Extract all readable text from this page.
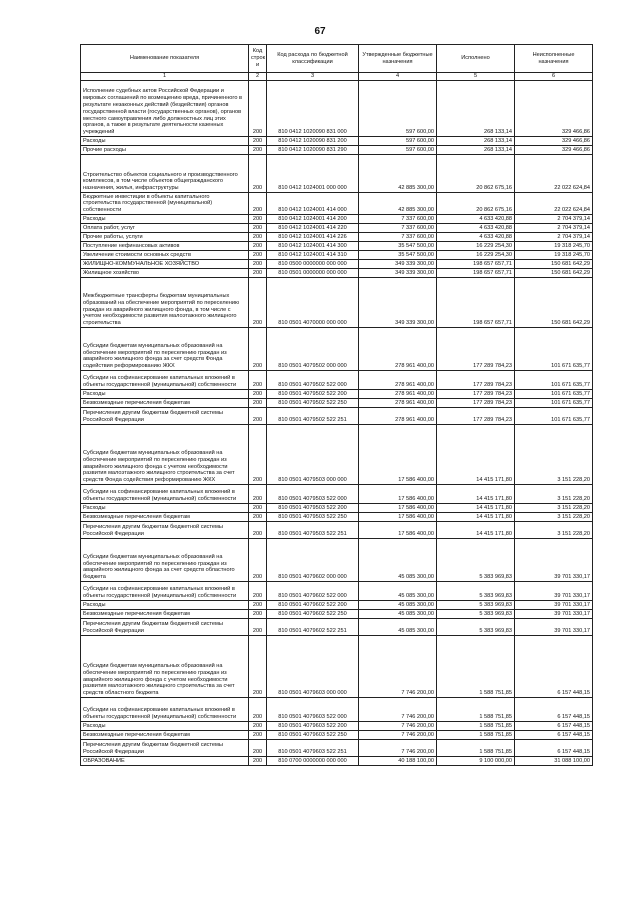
67
Наименование показателя	Код строк и	Код расхода по бюджетной классификации	Утвержденные бюджетные назначения	Исполнено	Неисполненные назначения
1	2	3	4	5	6
Исполнение судебных актов Российской Федерации и мировых соглашений по возмещению вреда, причиненного в результате незаконных действий (бездействия) органов государственной власти (государственных органов), органов местного самоуправления либо должностных лиц этих органов, а также в результате деятельности казенных учреждений	200	810 0412 1020090 831 000	597 600,00	268 133,14	329 466,86
Расходы	200	810 0412 1020090 831 200	597 600,00	268 133,14	329 466,86
Прочие расходы	200	810 0412 1020090 831 290	597 600,00	268 133,14	329 466,86
Строительство объектов социального и производственного комплексов, в том числе объектов общегражданского назначения, жилья, инфраструктуры	200	810 0412 1024001 000 000	42 885 300,00	20 862 675,16	22 022 624,84
Бюджетные инвестиции в объекты капитального строительства государственной (муниципальной) собственности	200	810 0412 1024001 414 000	42 885 300,00	20 862 675,16	22 022 624,84
Расходы	200	810 0412 1024001 414 200	7 337 600,00	4 633 420,88	2 704 379,14
Оплата работ, услуг	200	810 0412 1024001 414 220	7 337 600,00	4 633 420,88	2 704 379,14
Прочие работы, услуги	200	810 0412 1024001 414 226	7 337 600,00	4 633 420,88	2 704 379,14
Поступление нефинансовых активов	200	810 0412 1024001 414 300	35 547 500,00	16 229 254,30	19 318 245,70
Увеличение стоимости основных средств	200	810 0412 1024001 414 310	35 547 500,00	16 229 254,30	19 318 245,70
ЖИЛИЩНО-КОММУНАЛЬНОЕ ХОЗЯЙСТВО	200	810 0500 0000000 000 000	349 339 300,00	198 657 657,71	150 681 642,29
Жилищное хозяйство	200	810 0501 0000000 000 000	349 339 300,00	198 657 657,71	150 681 642,29
Межбюджетные трансферты бюджетам муниципальных образований на обеспечение мероприятий по переселению граждан из аварийного жилищного фонда, в том числе с учетом необходимости развития малоэтажного жилищного строительства	200	810 0501 4070000 000 000	349 339 300,00	198 657 657,71	150 681 642,29
Субсидии бюджетам муниципальных образований на обеспечение мероприятий по переселению граждан из аварийного жилищного фонда за счет средств Фонда содействия реформированию ЖКХ	200	810 0501 4079502 000 000	278 961 400,00	177 289 784,23	101 671 635,77
Субсидии на софинансирование капитальных вложений в объекты государственной (муниципальной) собственности	200	810 0501 4079502 522 000	278 961 400,00	177 289 784,23	101 671 635,77
Расходы	200	810 0501 4079502 522 200	278 961 400,00	177 289 784,23	101 671 635,77
Безвозмездные перечисления бюджетам	200	810 0501 4079502 522 250	278 961 400,00	177 289 784,23	101 671 635,77
Перечисления другим бюджетам бюджетной системы Российской Федерации	200	810 0501 4079502 522 251	278 961 400,00	177 289 784,23	101 671 635,77
Субсидии бюджетам муниципальных образований на обеспечение мероприятий по переселению граждан из аварийного жилищного фонда с учетом необходимости развития малоэтажного жилищного строительства за счет средств Фонда содействия реформированию ЖКХ	200	810 0501 4079503 000 000	17 586 400,00	14 415 171,80	3 151 228,20
Субсидии на софинансирование капитальных вложений в объекты государственной (муниципальной) собственности	200	810 0501 4079503 522 000	17 586 400,00	14 415 171,80	3 151 228,20
Расходы	200	810 0501 4079503 522 200	17 586 400,00	14 415 171,80	3 151 228,20
Безвозмездные перечисления бюджетам	200	810 0501 4079503 522 250	17 586 400,00	14 415 171,80	3 151 228,20
Перечисления другим бюджетам бюджетной системы Российской Федерации	200	810 0501 4079503 522 251	17 586 400,00	14 415 171,80	3 151 228,20
Субсидии бюджетам муниципальных образований на обеспечение мероприятий по переселению граждан из аварийного жилищного фонда за счет средств областного бюджета	200	810 0501 4079602 000 000	45 085 300,00	5 383 969,83	39 701 330,17
Субсидии на софинансирование капитальных вложений в объекты государственной (муниципальной) собственности	200	810 0501 4079602 522 000	45 085 300,00	5 383 969,83	39 701 330,17
Расходы	200	810 0501 4079602 522 200	45 085 300,00	5 383 969,83	39 701 330,17
Безвозмездные перечисления бюджетам	200	810 0501 4079602 522 250	45 085 300,00	5 383 969,83	39 701 330,17
Перечисления другим бюджетам бюджетной системы Российской Федерации	200	810 0501 4079602 522 251	45 085 300,00	5 383 969,83	39 701 330,17
Субсидии бюджетам муниципальных образований на обеспечение мероприятий по переселению граждан из аварийного жилищного фонда с учетом необходимости развития малоэтажного жилищного строительства за счет средств областного бюджета	200	810 0501 4079603 000 000	7 746 200,00	1 588 751,85	6 157 448,15
Субсидии на софинансирование капитальных вложений в объекты государственной (муниципальной) собственности	200	810 0501 4079603 522 000	7 746 200,00	1 588 751,85	6 157 448,15
Расходы	200	810 0501 4079603 522 200	7 746 200,00	1 588 751,85	6 157 448,15
Безвозмездные перечисления бюджетам	200	810 0501 4079603 522 250	7 746 200,00	1 588 751,85	6 157 448,15
Перечисления другим бюджетам бюджетной системы Российской Федерации	200	810 0501 4079603 522 251	7 746 200,00	1 588 751,85	6 157 448,15
ОБРАЗОВАНИЕ	200	810 0700 0000000 000 000	40 188 100,00	9 100 000,00	31 088 100,00
